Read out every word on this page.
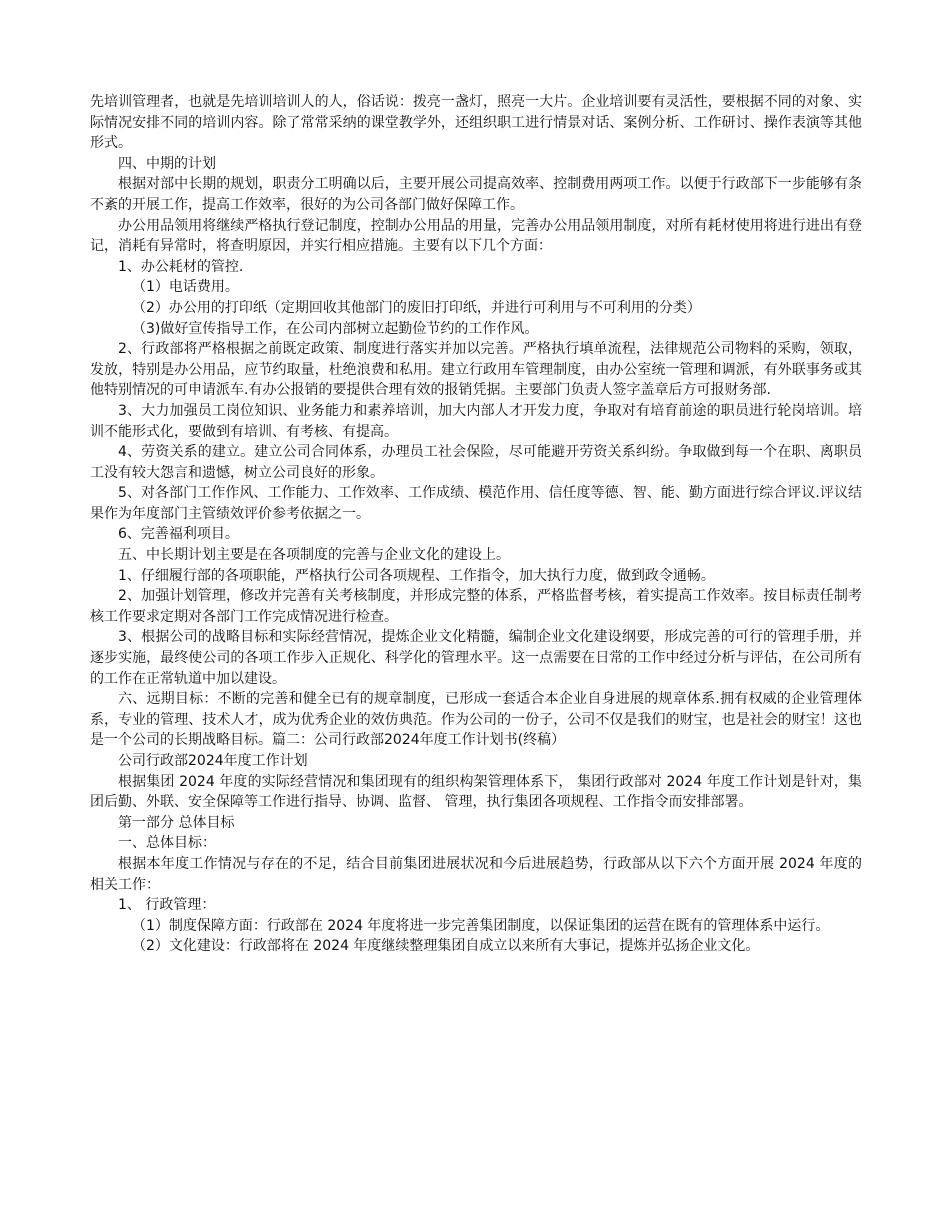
先培训管理者，也就是先培训培训人的人，俗话说：拨亮一盏灯，照亮一大片。企业培训要有灵活性，要根据不同的对象、实际情况安排不同的培训内容。除了常常采纳的课堂教学外，还组织职工进行情景对话、案例分析、工作研讨、操作表演等其他形式。

四、中期的计划

根据对部中长期的规划，职责分工明确以后，主要开展公司提高效率、控制费用两项工作。以便于行政部下一步能够有条不紊的开展工作，提高工作效率，很好的为公司各部门做好保障工作。

办公用品领用将继续严格执行登记制度，控制办公用品的用量，完善办公用品领用制度，对所有耗材使用将进行进出有登记，消耗有异常时，将查明原因，并实行相应措施。主要有以下几个方面：

1、办公耗材的管控.

（1）电话费用。

（2）办公用的打印纸（定期回收其他部门的废旧打印纸，并进行可利用与不可利用的分类）

（3)做好宣传指导工作，在公司内部树立起勤俭节约的工作作风。

2、行政部将严格根据之前既定政策、制度进行落实并加以完善。严格执行填单流程，法律规范公司物料的采购，领取，发放，特别是办公用品，应节约取量，杜绝浪费和私用。建立行政用车管理制度，由办公室统一管理和调派，有外联事务或其他特别情况的可申请派车.有办公报销的要提供合理有效的报销凭据。主要部门负责人签字盖章后方可报财务部.

3、大力加强员工岗位知识、业务能力和素养培训，加大内部人才开发力度，争取对有培育前途的职员进行轮岗培训。培训不能形式化，要做到有培训、有考核、有提高。

4、劳资关系的建立。建立公司合同体系，办理员工社会保险，尽可能避开劳资关系纠纷。争取做到每一个在职、离职员工没有较大怨言和遗憾，树立公司良好的形象。

5、对各部门工作作风、工作能力、工作效率、工作成绩、模范作用、信任度等德、智、能、勤方面进行综合评议.评议结果作为年度部门主管绩效评价参考依据之一。

6、完善福利项目。

五、中长期计划主要是在各项制度的完善与企业文化的建设上。

1、仔细履行部的各项职能，严格执行公司各项规程、工作指令，加大执行力度，做到政令通畅。

2、加强计划管理，修改并完善有关考核制度，并形成完整的体系，严格监督考核，着实提高工作效率。按目标责任制考核工作要求定期对各部门工作完成情况进行检查。

3、根据公司的战略目标和实际经营情况，提炼企业文化精髓，编制企业文化建设纲要，形成完善的可行的管理手册，并逐步实施，最终使公司的各项工作步入正规化、科学化的管理水平。这一点需要在日常的工作中经过分析与评估，在公司所有的工作在正常轨道中加以建设。

六、远期目标：不断的完善和健全已有的规章制度，已形成一套适合本企业自身进展的规章体系.拥有权威的企业管理体系，专业的管理、技术人才，成为优秀企业的效仿典范。作为公司的一份子，公司不仅是我们的财宝，也是社会的财宝！这也是一个公司的长期战略目标。篇二：公司行政部2024年度工作计划书(终稿）

公司行政部2024年度工作计划

根据集团 2024 年度的实际经营情况和集团现有的组织构架管理体系下， 集团行政部对 2024 年度工作计划是针对，集团后勤、外联、安全保障等工作进行指导、协调、监督、 管理，执行集团各项规程、工作指令而安排部署。

第一部分 总体目标

一、总体目标：

根据本年度工作情况与存在的不足，结合目前集团进展状况和今后进展趋势，行政部从以下六个方面开展 2024 年度的相关工作：

1、 行政管理：

（1）制度保障方面：行政部在 2024 年度将进一步完善集团制度，以保证集团的运营在既有的管理体系中运行。

（2）文化建设：行政部将在 2024 年度继续整理集团自成立以来所有大事记，提炼并弘扬企业文化。
